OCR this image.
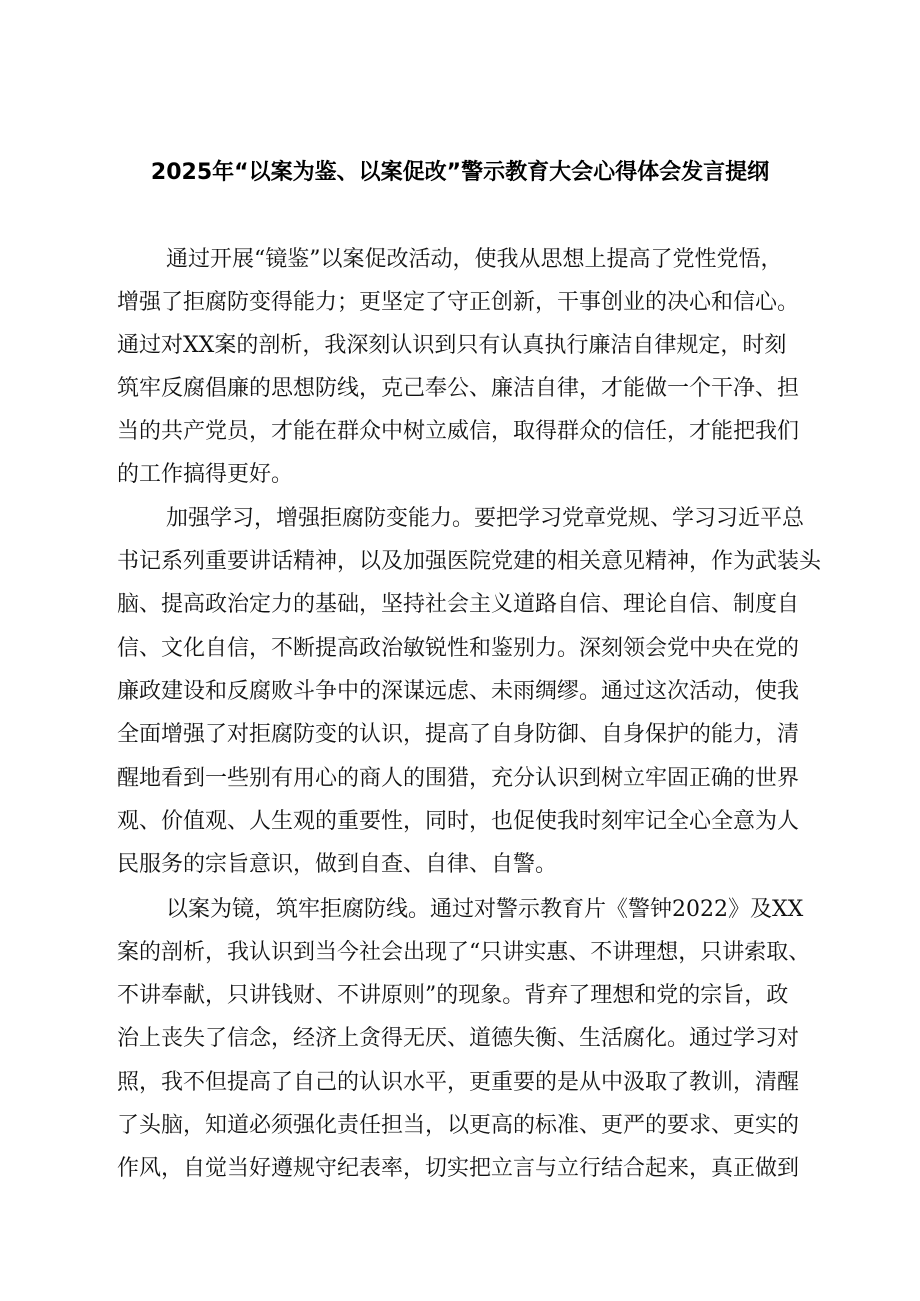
2025年“以案为鉴、以案促改”警示教育大会心得体会发言提纲
通过开展“镜鉴”以案促改活动，使我从思想上提高了党性党悟，
增强了拒腐防变得能力；更坚定了守正创新，干事创业的决心和信心。
通过对XX案的剖析，我深刻认识到只有认真执行廉洁自律规定，时刻
筑牢反腐倡廉的思想防线，克己奉公、廉洁自律，才能做一个干净、担
当的共产党员，才能在群众中树立威信，取得群众的信任，才能把我们
的工作搞得更好。
加强学习，增强拒腐防变能力。要把学习党章党规、学习习近平总
书记系列重要讲话精神，以及加强医院党建的相关意见精神，作为武装头
脑、提高政治定力的基础，坚持社会主义道路自信、理论自信、制度自
信、文化自信，不断提高政治敏锐性和鉴别力。深刻领会党中央在党的
廉政建设和反腐败斗争中的深谋远虑、未雨绸缪。通过这次活动，使我
全面增强了对拒腐防变的认识，提高了自身防御、自身保护的能力，清
醒地看到一些别有用心的商人的围猎，充分认识到树立牢固正确的世界
观、价值观、人生观的重要性，同时，也促使我时刻牢记全心全意为人
民服务的宗旨意识，做到自查、自律、自警。
以案为镜，筑牢拒腐防线。通过对警示教育片《警钟2022》及XX
案的剖析，我认识到当今社会出现了“只讲实惠、不讲理想，只讲索取、
不讲奉献，只讲钱财、不讲原则”的现象。背弃了理想和党的宗旨，政
治上丧失了信念，经济上贪得无厌、道德失衡、生活腐化。通过学习对
照，我不但提高了自己的认识水平，更重要的是从中汲取了教训，清醒
了头脑，知道必须强化责任担当，以更高的标准、更严的要求、更实的
作风，自觉当好遵规守纪表率，切实把立言与立行结合起来，真正做到
